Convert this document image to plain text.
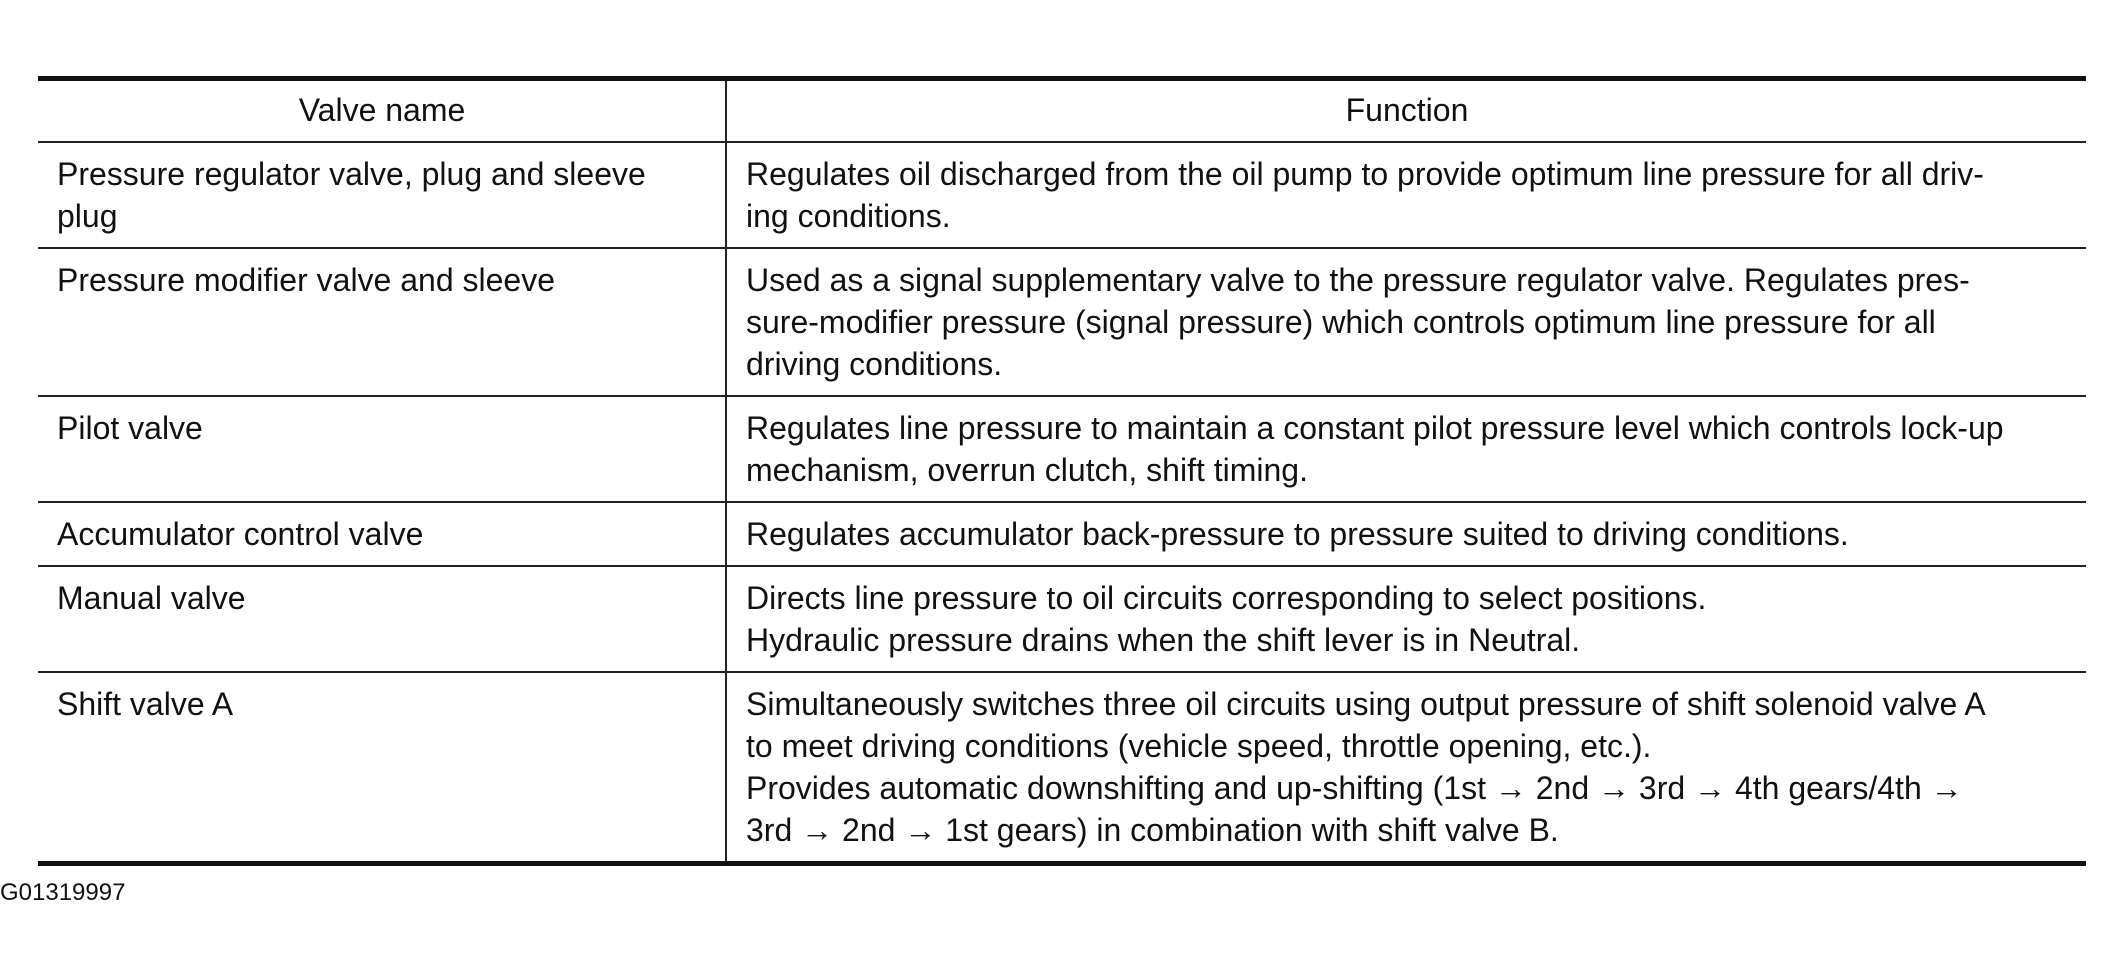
Valve name	Function
Pressure regulator valve, plug and sleeve plug	Regulates oil discharged from the oil pump to provide optimum line pressure for all driv-
ing conditions.

Pressure modifier valve and sleeve	Used as a signal supplementary valve to the pressure regulator valve. Regulates pres-
sure-modifier pressure (signal pressure) which controls optimum line pressure for all
driving conditions.

Pilot valve	Regulates line pressure to maintain a constant pilot pressure level which controls lock-up
mechanism, overrun clutch, shift timing.

Accumulator control valve	Regulates accumulator back-pressure to pressure suited to driving conditions.

Manual valve	Directs line pressure to oil circuits corresponding to select positions.
Hydraulic pressure drains when the shift lever is in Neutral.

Shift valve A	Simultaneously switches three oil circuits using output pressure of shift solenoid valve A
to meet driving conditions (vehicle speed, throttle opening, etc.).
Provides automatic downshifting and up-shifting (1st → 2nd → 3rd → 4th gears/4th →
3rd → 2nd → 1st gears) in combination with shift valve B.
G01319997
